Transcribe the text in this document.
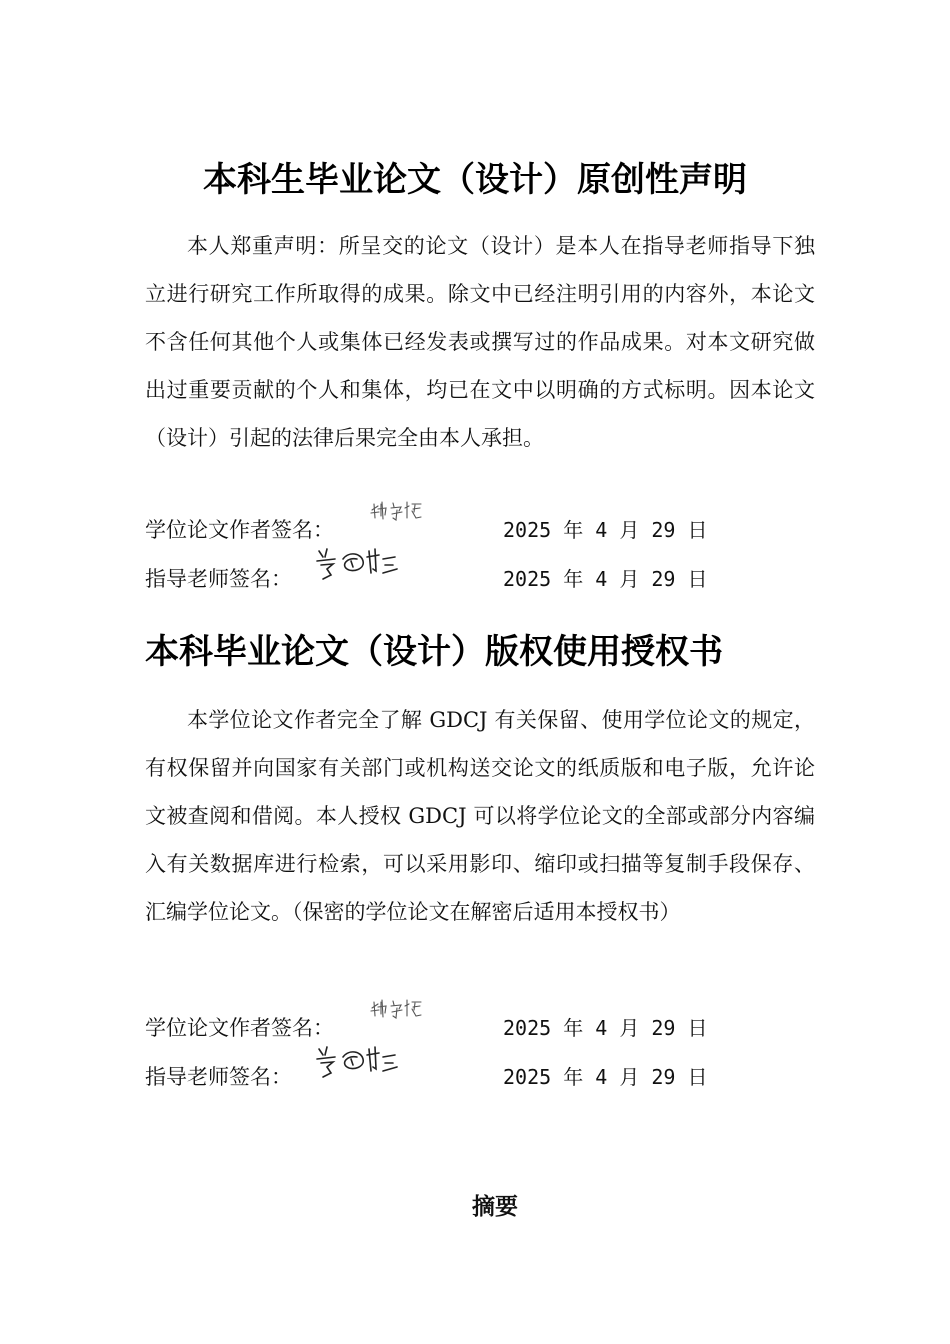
本科生毕业论文（设计）原创性声明

本人郑重声明：所呈交的论文（设计）是本人在指导老师指导下独立进行研究工作所取得的成果。除文中已经注明引用的内容外，本论文不含任何其他个人或集体已经发表或撰写过的作品成果。对本文研究做出过重要贡献的个人和集体，均已在文中以明确的方式标明。因本论文（设计）引起的法律后果完全由本人承担。

学位论文作者签名：	2025 年 4 月 29 日
指导老师签名：	2025 年 4 月 29 日
本科毕业论文（设计）版权使用授权书

本学位论文作者完全了解 GDCJ 有关保留、使用学位论文的规定，有权保留并向国家有关部门或机构送交论文的纸质版和电子版，允许论文被查阅和借阅。本人授权 GDCJ 可以将学位论文的全部或部分内容编入有关数据库进行检索，可以采用影印、缩印或扫描等复制手段保存、汇编学位论文。（保密的学位论文在解密后适用本授权书）

学位论文作者签名：	2025 年 4 月 29 日
指导老师签名：	2025 年 4 月 29 日
摘要
